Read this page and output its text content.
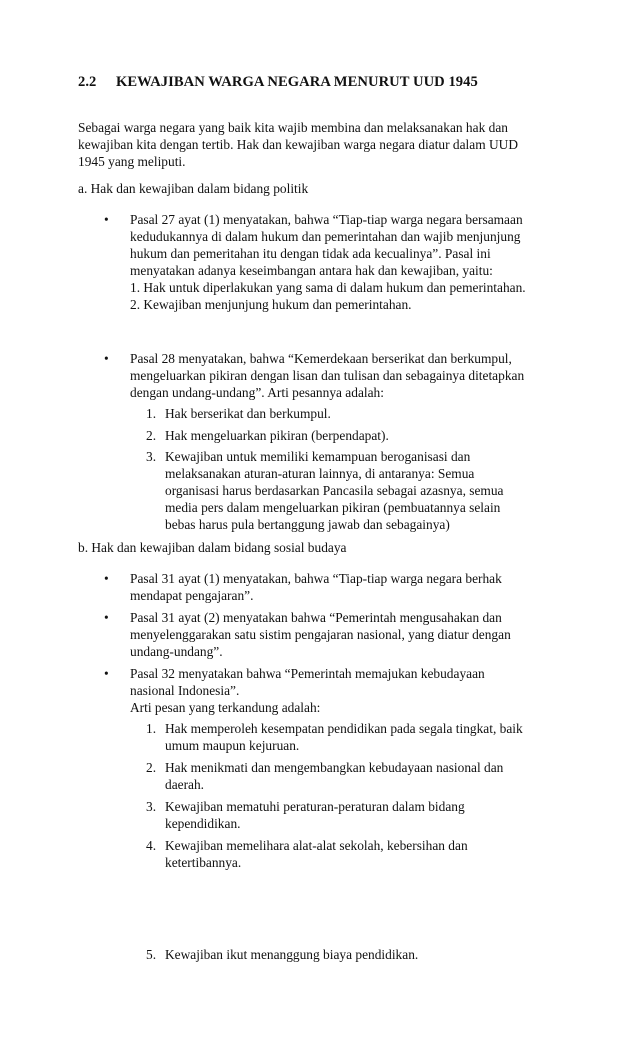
2.2 KEWAJIBAN WARGA NEGARA MENURUT UUD 1945
Sebagai warga negara yang baik kita wajib membina dan melaksanakan hak dan
kewajiban kita dengan tertib. Hak dan kewajiban warga negara diatur dalam UUD
1945 yang meliputi.
a. Hak dan kewajiban dalam bidang politik
• Pasal 27 ayat (1) menyatakan, bahwa “Tiap-tiap warga negara bersamaan
kedudukannya di dalam hukum dan pemerintahan dan wajib menjunjung
hukum dan pemeritahan itu dengan tidak ada kecualinya”. Pasal ini
menyatakan adanya keseimbangan antara hak dan kewajiban, yaitu:
1. Hak untuk diperlakukan yang sama di dalam hukum dan pemerintahan.
2. Kewajiban menjunjung hukum dan pemerintahan.
• Pasal 28 menyatakan, bahwa “Kemerdekaan berserikat dan berkumpul,
mengeluarkan pikiran dengan lisan dan tulisan dan sebagainya ditetapkan
dengan undang-undang”. Arti pesannya adalah:
1. Hak berserikat dan berkumpul.
2. Hak mengeluarkan pikiran (berpendapat).
3. Kewajiban untuk memiliki kemampuan beroganisasi dan
melaksanakan aturan-aturan lainnya, di antaranya: Semua
organisasi harus berdasarkan Pancasila sebagai azasnya, semua
media pers dalam mengeluarkan pikiran (pembuatannya selain
bebas harus pula bertanggung jawab dan sebagainya)
b. Hak dan kewajiban dalam bidang sosial budaya
• Pasal 31 ayat (1) menyatakan, bahwa “Tiap-tiap warga negara berhak
mendapat pengajaran”.
• Pasal 31 ayat (2) menyatakan bahwa “Pemerintah mengusahakan dan
menyelenggarakan satu sistim pengajaran nasional, yang diatur dengan
undang-undang”.
• Pasal 32 menyatakan bahwa “Pemerintah memajukan kebudayaan
nasional Indonesia”.
Arti pesan yang terkandung adalah:
1. Hak memperoleh kesempatan pendidikan pada segala tingkat, baik
umum maupun kejuruan.
2. Hak menikmati dan mengembangkan kebudayaan nasional dan
daerah.
3. Kewajiban mematuhi peraturan-peraturan dalam bidang
kependidikan.
4. Kewajiban memelihara alat-alat sekolah, kebersihan dan
ketertibannya.
5. Kewajiban ikut menanggung biaya pendidikan.
